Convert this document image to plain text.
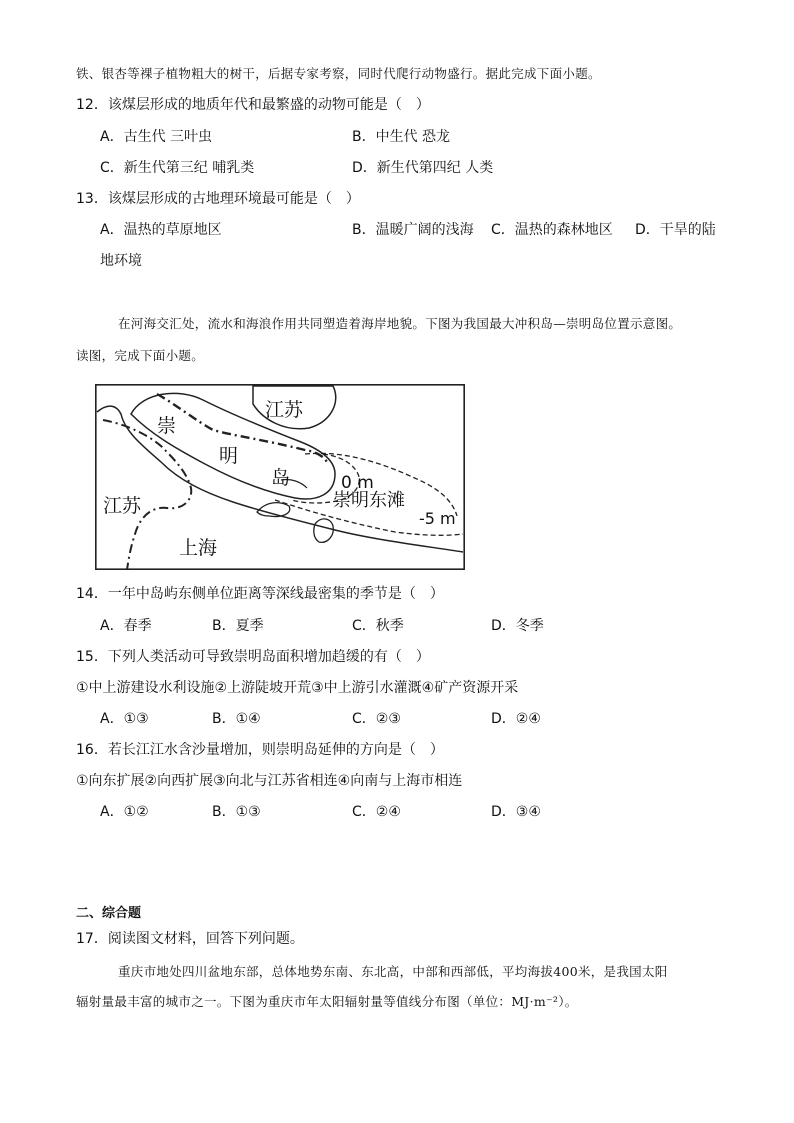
铁、银杏等裸子植物粗大的树干，后据专家考察，同时代爬行动物盛行。据此完成下面小题。
12．该煤层形成的地质年代和最繁盛的动物可能是（　）
A．古生代 三叶虫	B．中生代 恐龙
C．新生代第三纪 哺乳类	D．新生代第四纪 人类
13．该煤层形成的古地理环境最可能是（　）
A．温热的草原地区	B．温暖广阔的浅海 C．温热的森林地区 D．干旱的陆
地环境
在河海交汇处，流水和海浪作用共同塑造着海岸地貌。下图为我国最大冲积岛—崇明岛位置示意图。
读图，完成下面小题。
江苏
崇
明
岛	0 m
崇明东滩
-5 m
江苏
上海
14．一年中岛屿东侧单位距离等深线最密集的季节是（　）
A．春季	B．夏季	C．秋季	D．冬季
15．下列人类活动可导致崇明岛面积增加趋缓的有（　）
①中上游建设水利设施②上游陡坡开荒③中上游引水灌溉④矿产资源开采
A．①③	B．①④	C．②③	D．②④
16．若长江江水含沙量增加，则崇明岛延伸的方向是（　）
①向东扩展②向西扩展③向北与江苏省相连④向南与上海市相连
A．①②	B．①③	C．②④	D．③④
二、综合题
17．阅读图文材料，回答下列问题。
重庆市地处四川盆地东部，总体地势东南、东北高，中部和西部低，平均海拔400米，是我国太阳
辐射量最丰富的城市之一。下图为重庆市年太阳辐射量等值线分布图（单位：MJ·m⁻²）。
